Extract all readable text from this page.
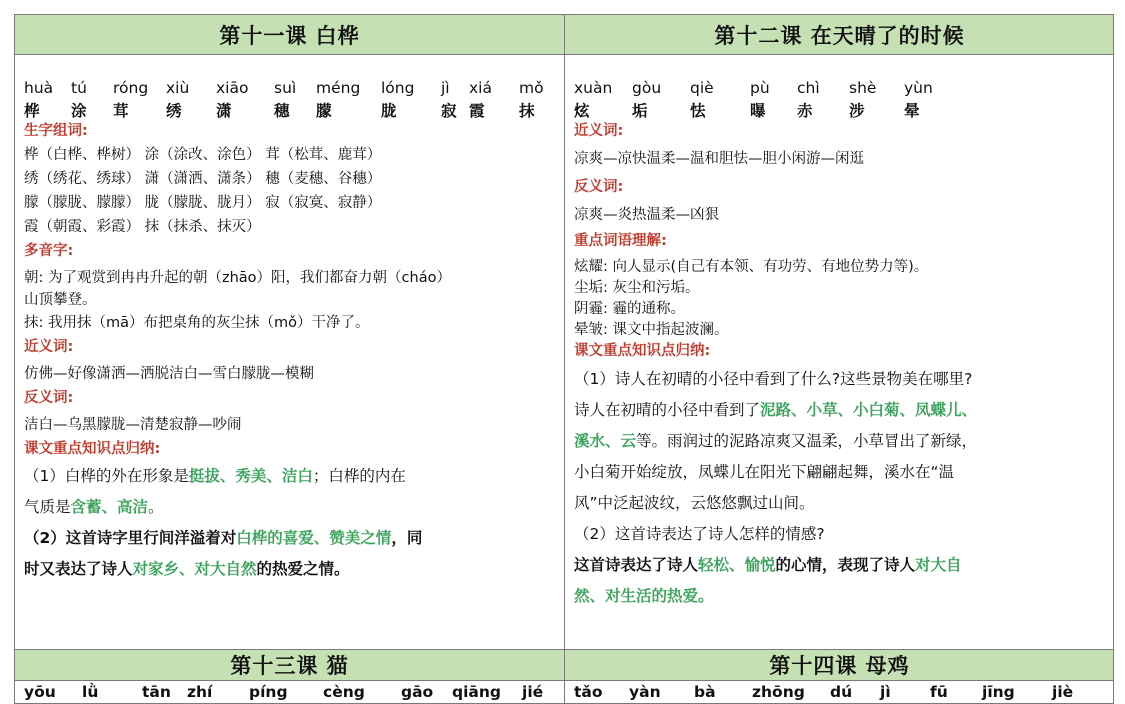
第十一课 白桦	第十二课 在天晴了的时候
huà	tú	róng	xiù	xiāo	suì	méng	lóng	jì	xiá	mǒ
桦	涂	茸	绣	潇	穗	朦	胧	寂 霞	抹
生字组词:
桦（白桦、桦树） 涂（涂改、涂色） 茸（松茸、鹿茸）
绣（绣花、绣球） 潇（潇洒、潇条） 穗（麦穗、谷穗）
朦（朦胧、朦朦） 胧（朦胧、胧月） 寂（寂寞、寂静）
霞（朝霞、彩霞） 抹（抹杀、抹灭）
多音字:
朝: 为了观赏到冉冉升起的朝（zhāo）阳，我们都奋力朝（cháo）
山顶攀登。
抹: 我用抹（mā）布把桌角的灰尘抹（mǒ）干净了。
近义词:
仿佛—好像潇洒—洒脱洁白—雪白朦胧—模糊
反义词:
洁白—乌黑朦胧—清楚寂静—吵闹
课文重点知识点归纳:
（1）白桦的外在形象是挺拔、秀美、洁白；白桦的内在
气质是含蓄、高洁。
（2）这首诗字里行间洋溢着对白桦的喜爱、赞美之情，同
时又表达了诗人对家乡、对大自然的热爱之情。
xuàn	gòu	qiè	pù	chì	shè	yùn
炫	垢	怯	曝	赤	涉	晕
近义词:
凉爽—凉快温柔—温和胆怯—胆小闲游—闲逛
反义词:
凉爽—炎热温柔—凶狠
重点词语理解:
炫耀: 向人显示(自己有本领、有功劳、有地位势力等)。
尘垢: 灰尘和污垢。
阴霾: 霾的通称。
晕皱: 课文中指起波澜。
课文重点知识点归纳:
（1）诗人在初晴的小径中看到了什么?这些景物美在哪里?
诗人在初晴的小径中看到了泥路、小草、小白菊、凤蝶儿、
溪水、云等。雨润过的泥路凉爽又温柔，小草冒出了新绿，
小白菊开始绽放，凤蝶儿在阳光下翩翩起舞，溪水在“温
风”中泛起波纹，云悠悠飘过山间。
（2）这首诗表达了诗人怎样的情感?
这首诗表达了诗人轻松、愉悦的心情，表现了诗人对大自
然、对生活的热爱。
第十三课 猫	第十四课 母鸡
yōu	lǜ	tān	zhí	píng	cèng	gāo	qiāng	jié	tǎo	yàn	bà	zhōng	dú	jì	fū	jīng	jiè
